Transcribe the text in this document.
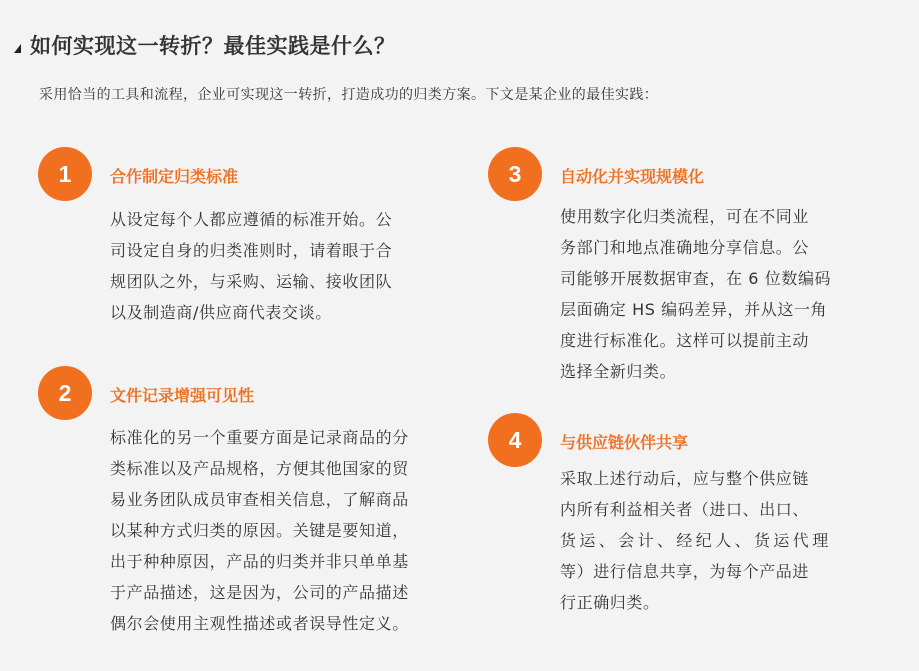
如何实现这一转折？最佳实践是什么？
采用恰当的工具和流程，企业可实现这一转折，打造成功的归类方案。下文是某企业的最佳实践：
1	合作制定归类标准
从设定每个人都应遵循的标准开始。公
司设定自身的归类准则时，请着眼于合
规团队之外，与采购、运输、接收团队
以及制造商/供应商代表交谈。
2	文件记录增强可见性
标准化的另一个重要方面是记录商品的分
类标准以及产品规格，方便其他国家的贸
易业务团队成员审查相关信息，了解商品
以某种方式归类的原因。关键是要知道，
出于种种原因，产品的归类并非只单单基
于产品描述，这是因为，公司的产品描述
偶尔会使用主观性描述或者误导性定义。
3	自动化并实现规模化
使用数字化归类流程，可在不同业
务部门和地点准确地分享信息。公
司能够开展数据审查，在 6 位数编码
层面确定 HS 编码差异，并从这一角
度进行标准化。这样可以提前主动
选择全新归类。
4	与供应链伙伴共享
采取上述行动后，应与整个供应链
内所有利益相关者（进口、出口、
货运、会计、经纪人、货运代理
等）进行信息共享，为每个产品进
行正确归类。
